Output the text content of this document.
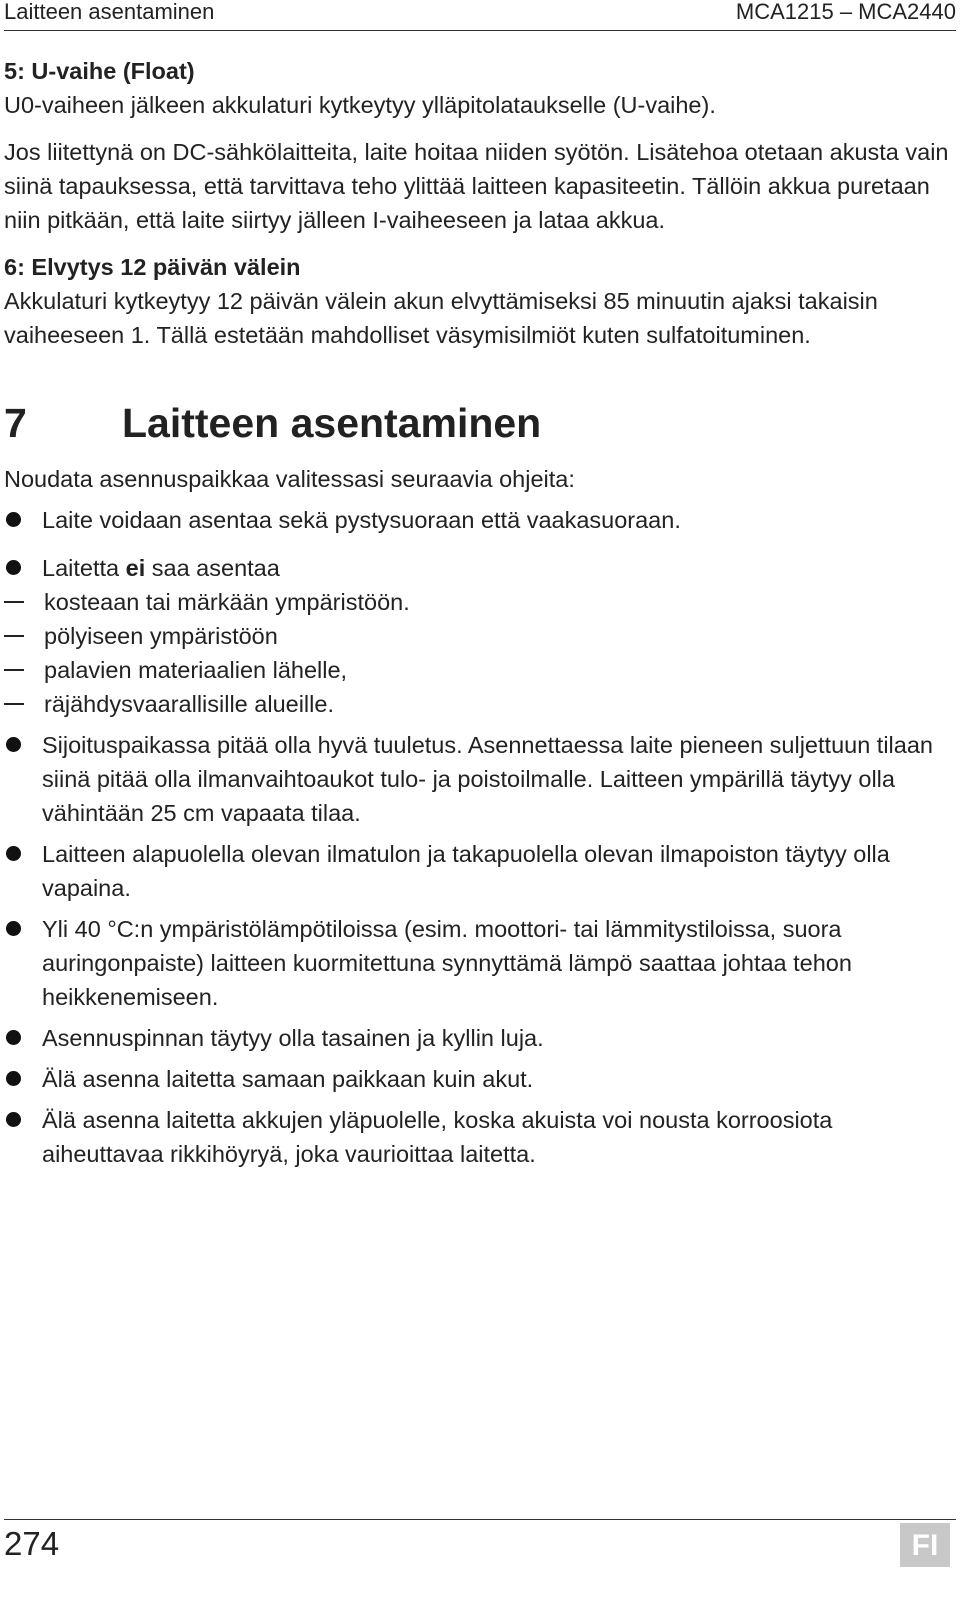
Laitteen asentaminen	MCA1215 – MCA2440

5: U-vaihe (Float)

U0-vaiheen jälkeen akkulaturi kytkeytyy ylläpitolataukselle (U-vaihe).

Jos liitettynä on DC-sähkölaitteita, laite hoitaa niiden syötön. Lisätehoa otetaan akusta vain siinä tapauksessa, että tarvittava teho ylittää laitteen kapasiteetin. Tällöin akkua puretaan niin pitkään, että laite siirtyy jälleen I-vaiheeseen ja lataa akkua.

6: Elvytys 12 päivän välein

Akkulaturi kytkeytyy 12 päivän välein akun elvyttämiseksi 85 minuutin ajaksi takaisin vaiheeseen 1. Tällä estetään mahdolliset väsymisilmiöt kuten sulfatoituminen.

7	Laitteen asentaminen

Noudata asennuspaikkaa valitessasi seuraavia ohjeita:

Laite voidaan asentaa sekä pystysuoraan että vaakasuoraan.
Laitetta ei saa asentaa
kosteaan tai märkään ympäristöön.
pölyiseen ympäristöön
palavien materiaalien lähelle,
räjähdysvaarallisille alueille.
Sijoituspaikassa pitää olla hyvä tuuletus. Asennettaessa laite pieneen suljettuun tilaan siinä pitää olla ilmanvaihtoaukot tulo- ja poistoilmalle. Laitteen ympärillä täytyy olla vähintään 25 cm vapaata tilaa.
Laitteen alapuolella olevan ilmatulon ja takapuolella olevan ilmapoiston täytyy olla vapaina.
Yli 40 °C:n ympäristölämpötiloissa (esim. moottori- tai lämmitystiloissa, suora auringonpaiste) laitteen kuormitettuna synnyttämä lämpö saattaa johtaa tehon heikkenemiseen.
Asennuspinnan täytyy olla tasainen ja kyllin luja.
Älä asenna laitetta samaan paikkaan kuin akut.
Älä asenna laitetta akkujen yläpuolelle, koska akuista voi nousta korroosiota aiheuttavaa rikkihöyryä, joka vaurioittaa laitetta.
274	FI
